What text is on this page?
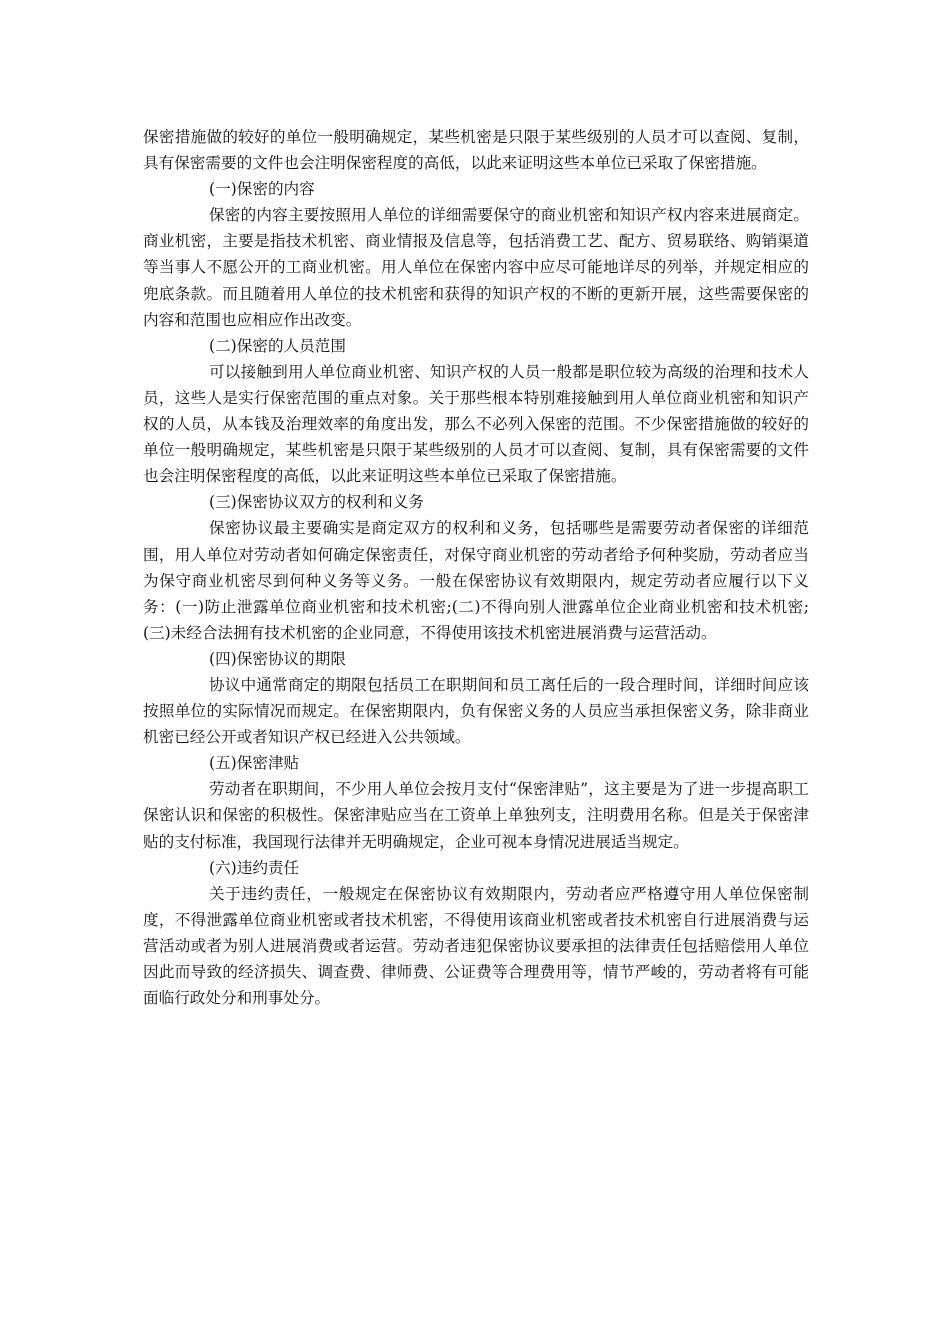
保密措施做的较好的单位一般明确规定，某些机密是只限于某些级别的人员才可以查阅、复制，具有保密需要的文件也会注明保密程度的高低，以此来证明这些本单位已采取了保密措施。

(一)保密的内容

保密的内容主要按照用人单位的详细需要保守的商业机密和知识产权内容来进展商定。商业机密，主要是指技术机密、商业情报及信息等，包括消费工艺、配方、贸易联络、购销渠道等当事人不愿公开的工商业机密。用人单位在保密内容中应尽可能地详尽的列举，并规定相应的兜底条款。而且随着用人单位的技术机密和获得的知识产权的不断的更新开展，这些需要保密的内容和范围也应相应作出改变。

(二)保密的人员范围

可以接触到用人单位商业机密、知识产权的人员一般都是职位较为高级的治理和技术人员，这些人是实行保密范围的重点对象。关于那些根本特别难接触到用人单位商业机密和知识产权的人员，从本钱及治理效率的角度出发，那么不必列入保密的范围。不少保密措施做的较好的单位一般明确规定，某些机密是只限于某些级别的人员才可以查阅、复制，具有保密需要的文件也会注明保密程度的高低，以此来证明这些本单位已采取了保密措施。

(三)保密协议双方的权利和义务

保密协议最主要确实是商定双方的权利和义务，包括哪些是需要劳动者保密的详细范围，用人单位对劳动者如何确定保密责任，对保守商业机密的劳动者给予何种奖励，劳动者应当为保守商业机密尽到何种义务等义务。一般在保密协议有效期限内，规定劳动者应履行以下义务：(一)防止泄露单位商业机密和技术机密;(二)不得向别人泄露单位企业商业机密和技术机密;(三)未经合法拥有技术机密的企业同意，不得使用该技术机密进展消费与运营活动。

(四)保密协议的期限

协议中通常商定的期限包括员工在职期间和员工离任后的一段合理时间，详细时间应该按照单位的实际情况而规定。在保密期限内，负有保密义务的人员应当承担保密义务，除非商业机密已经公开或者知识产权已经进入公共领域。

(五)保密津贴

劳动者在职期间，不少用人单位会按月支付“保密津贴”，这主要是为了进一步提高职工保密认识和保密的积极性。保密津贴应当在工资单上单独列支，注明费用名称。但是关于保密津贴的支付标准，我国现行法律并无明确规定，企业可视本身情况进展适当规定。

(六)违约责任

关于违约责任，一般规定在保密协议有效期限内，劳动者应严格遵守用人单位保密制度，不得泄露单位商业机密或者技术机密，不得使用该商业机密或者技术机密自行进展消费与运营活动或者为别人进展消费或者运营。劳动者违犯保密协议要承担的法律责任包括赔偿用人单位因此而导致的经济损失、调查费、律师费、公证费等合理费用等，情节严峻的，劳动者将有可能面临行政处分和刑事处分。
